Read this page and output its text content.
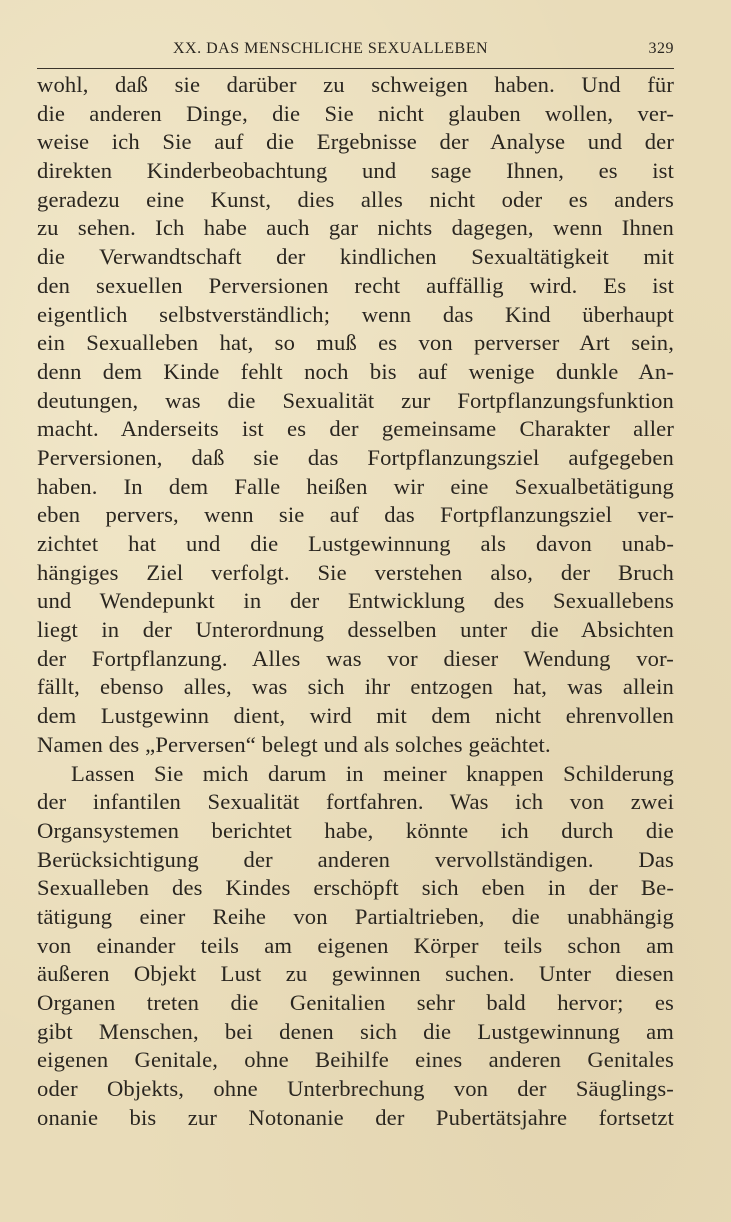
XX. DAS MENSCHLICHE SEXUALLEBEN	329
wohl, daß sie darüber zu schweigen haben. Und für
die anderen Dinge, die Sie nicht glauben wollen, ver-
weise ich Sie auf die Ergebnisse der Analyse und der
direkten Kinderbeobachtung und sage Ihnen, es ist
geradezu eine Kunst, dies alles nicht oder es anders
zu sehen. Ich habe auch gar nichts dagegen, wenn Ihnen
die Verwandtschaft der kindlichen Sexualtätigkeit mit
den sexuellen Perversionen recht auffällig wird. Es ist
eigentlich selbstverständlich; wenn das Kind überhaupt
ein Sexualleben hat, so muß es von perverser Art sein,
denn dem Kinde fehlt noch bis auf wenige dunkle An-
deutungen, was die Sexualität zur Fortpflanzungsfunktion
macht. Anderseits ist es der gemeinsame Charakter aller
Perversionen, daß sie das Fortpflanzungsziel aufgegeben
haben. In dem Falle heißen wir eine Sexualbetätigung
eben pervers, wenn sie auf das Fortpflanzungsziel ver-
zichtet hat und die Lustgewinnung als davon unab-
hängiges Ziel verfolgt. Sie verstehen also, der Bruch
und Wendepunkt in der Entwicklung des Sexuallebens
liegt in der Unterordnung desselben unter die Absichten
der Fortpflanzung. Alles was vor dieser Wendung vor-
fällt, ebenso alles, was sich ihr entzogen hat, was allein
dem Lustgewinn dient, wird mit dem nicht ehrenvollen
Namen des „Perversen“ belegt und als solches geächtet.
Lassen Sie mich darum in meiner knappen Schilderung
der infantilen Sexualität fortfahren. Was ich von zwei
Organsystemen berichtet habe, könnte ich durch die
Berücksichtigung der anderen vervollständigen. Das
Sexualleben des Kindes erschöpft sich eben in der Be-
tätigung einer Reihe von Partialtrieben, die unabhängig
von einander teils am eigenen Körper teils schon am
äußeren Objekt Lust zu gewinnen suchen. Unter diesen
Organen treten die Genitalien sehr bald hervor; es
gibt Menschen, bei denen sich die Lustgewinnung am
eigenen Genitale, ohne Beihilfe eines anderen Genitales
oder Objekts, ohne Unterbrechung von der Säuglings-
onanie bis zur Notonanie der Pubertätsjahre fortsetzt
